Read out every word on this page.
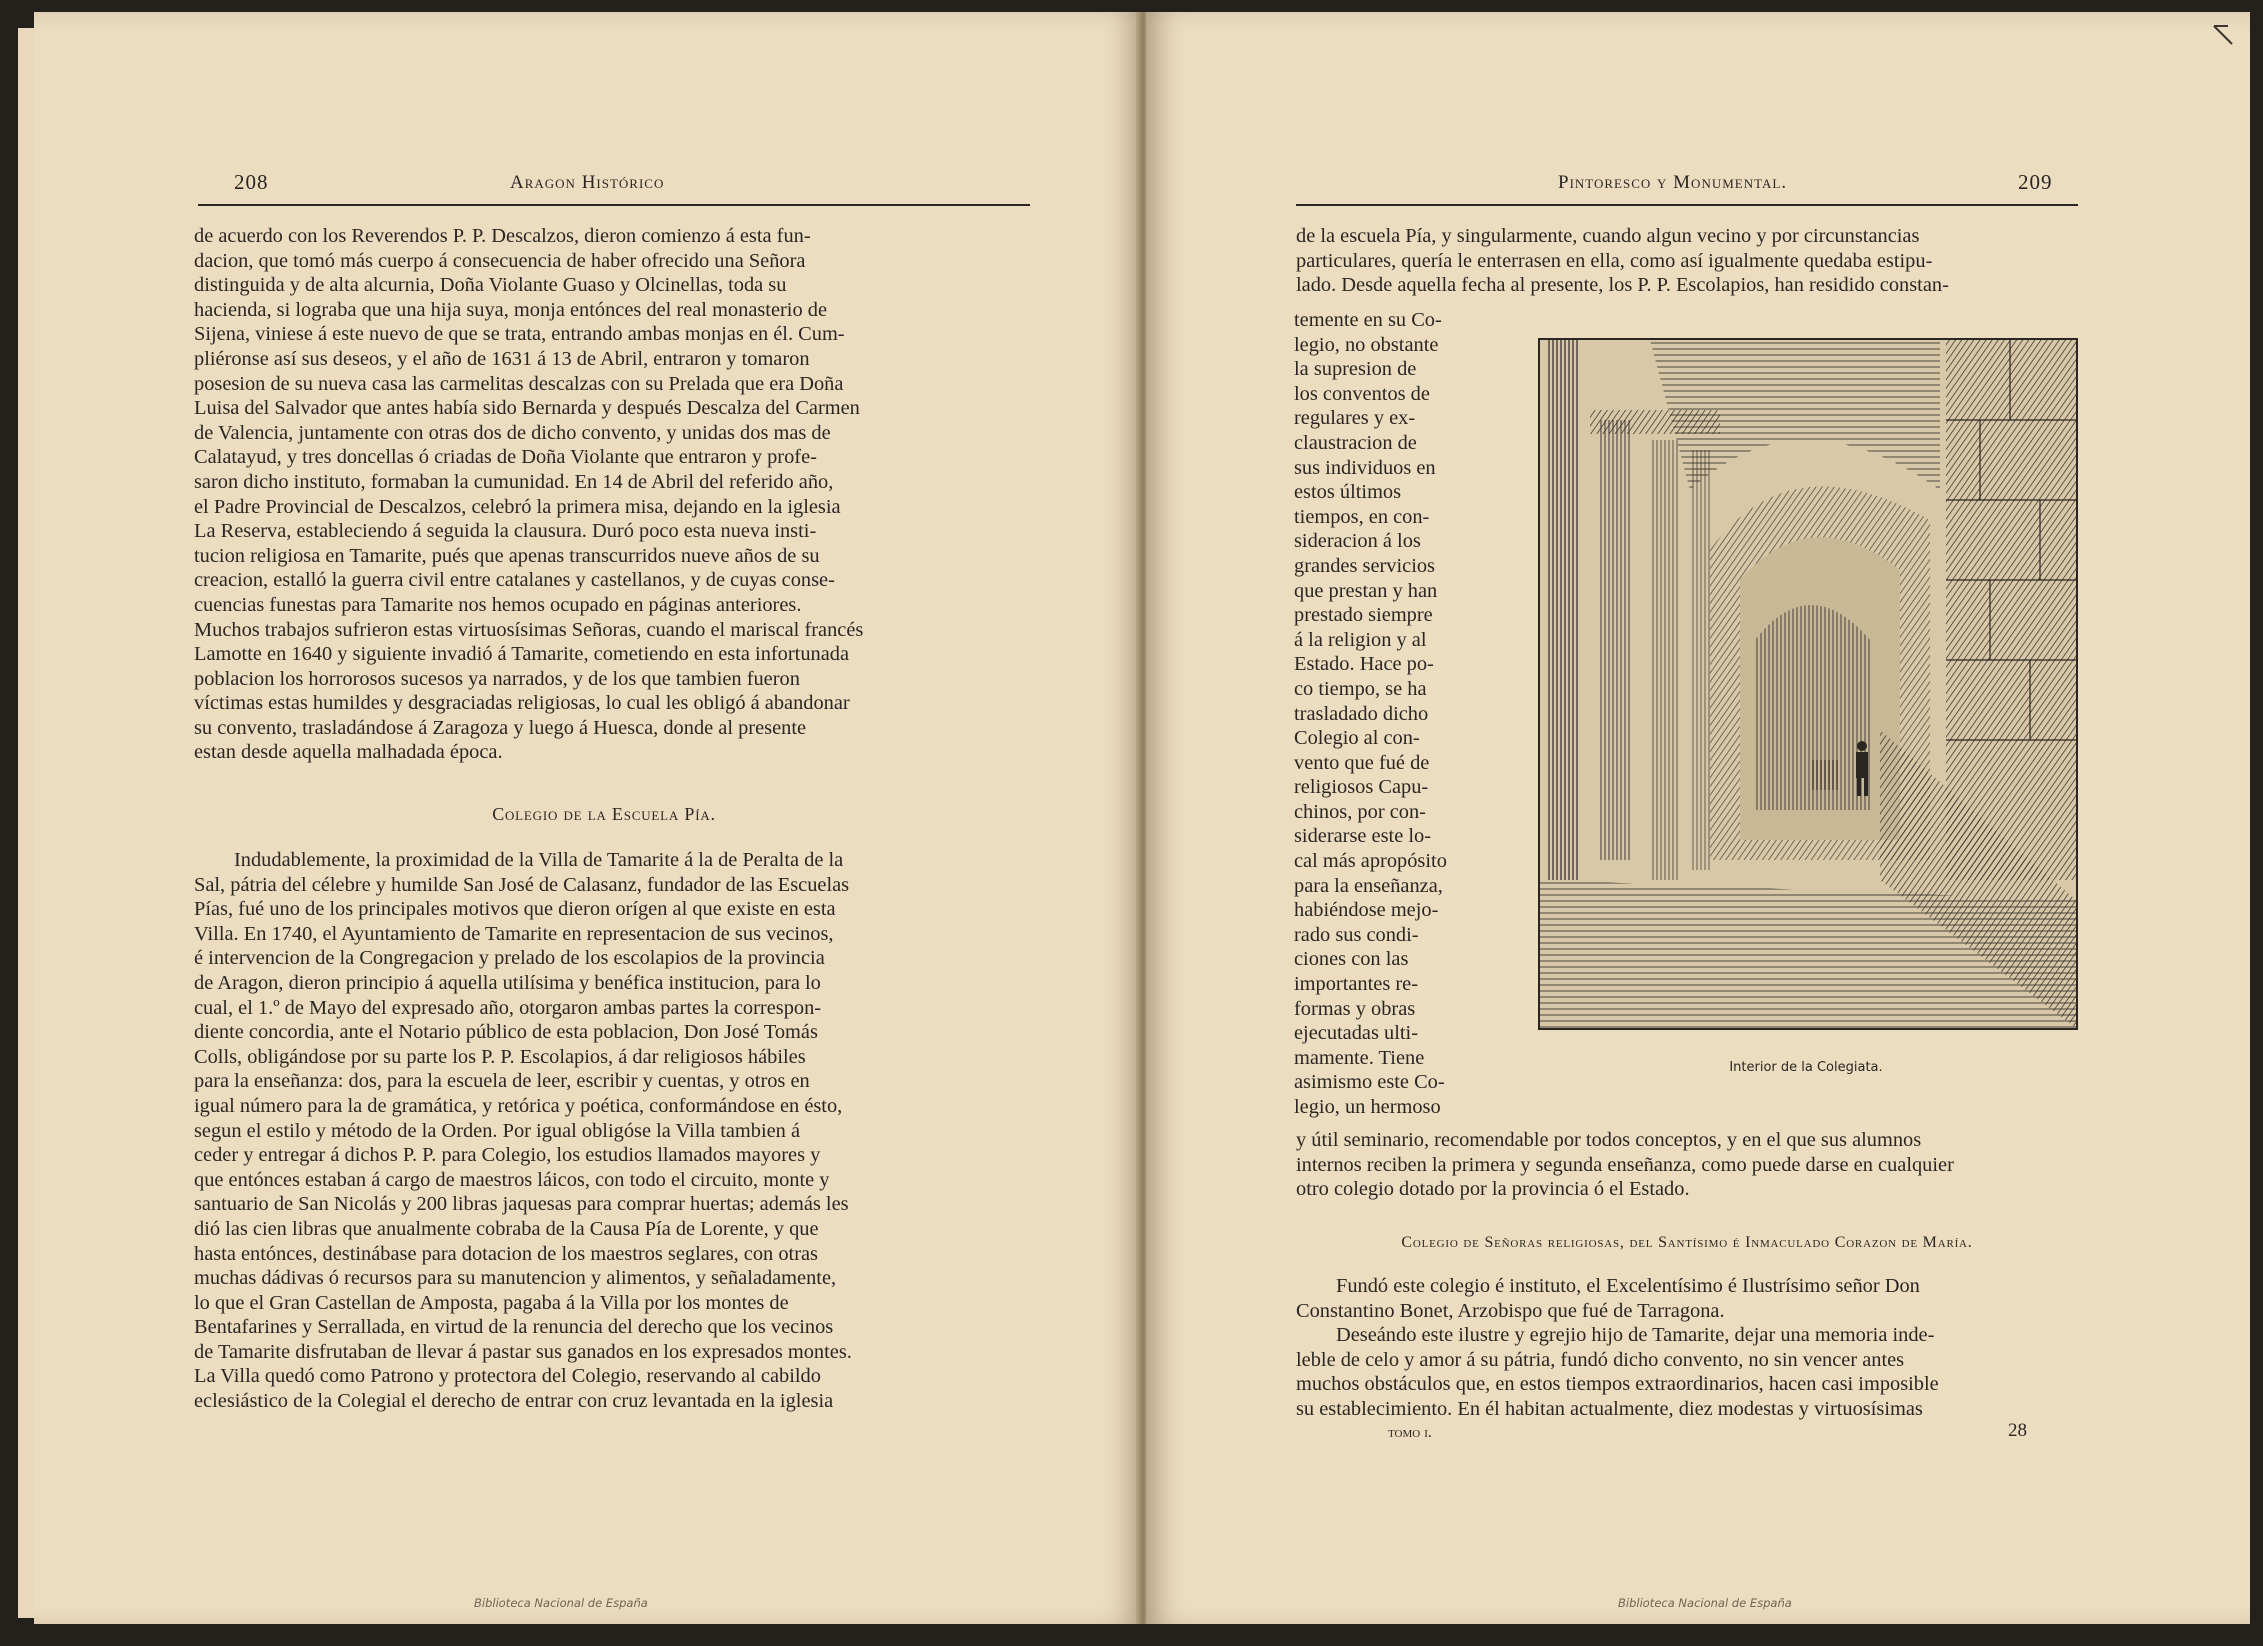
208	Aragon Histórico

de acuerdo con los Reverendos P. P. Descalzos, dieron comienzo á esta fun-

dacion, que tomó más cuerpo á consecuencia de haber ofrecido una Señora

distinguida y de alta alcurnia, Doña Violante Guaso y Olcinellas, toda su

hacienda, si lograba que una hija suya, monja entónces del real monasterio de

Sijena, viniese á este nuevo de que se trata, entrando ambas monjas en él. Cum-

pliéronse así sus deseos, y el año de 1631 á 13 de Abril, entraron y tomaron

posesion de su nueva casa las carmelitas descalzas con su Prelada que era Doña

Luisa del Salvador que antes había sido Bernarda y después Descalza del Carmen

de Valencia, juntamente con otras dos de dicho convento, y unidas dos mas de

Calatayud, y tres doncellas ó criadas de Doña Violante que entraron y profe-

saron dicho instituto, formaban la cumunidad. En 14 de Abril del referido año,

el Padre Provincial de Descalzos, celebró la primera misa, dejando en la iglesia

La Reserva, estableciendo á seguida la clausura. Duró poco esta nueva insti-

tucion religiosa en Tamarite, pués que apenas transcurridos nueve años de su

creacion, estalló la guerra civil entre catalanes y castellanos, y de cuyas conse-

cuencias funestas para Tamarite nos hemos ocupado en páginas anteriores.

Muchos trabajos sufrieron estas virtuosísimas Señoras, cuando el mariscal francés

Lamotte en 1640 y siguiente invadió á Tamarite, cometiendo en esta infortunada

poblacion los horrorosos sucesos ya narrados, y de los que tambien fueron

víctimas estas humildes y desgraciadas religiosas, lo cual les obligó á abandonar

su convento, trasladándose á Zaragoza y luego á Huesca, donde al presente

estan desde aquella malhadada época.

Colegio de la Escuela Pía.

Indudablemente, la proximidad de la Villa de Tamarite á la de Peralta de la

Sal, pátria del célebre y humilde San José de Calasanz, fundador de las Escuelas

Pías, fué uno de los principales motivos que dieron orígen al que existe en esta

Villa. En 1740, el Ayuntamiento de Tamarite en representacion de sus vecinos,

é intervencion de la Congregacion y prelado de los escolapios de la provincia

de Aragon, dieron principio á aquella utilísima y benéfica institucion, para lo

cual, el 1.º de Mayo del expresado año, otorgaron ambas partes la correspon-

diente concordia, ante el Notario público de esta poblacion, Don José Tomás

Colls, obligándose por su parte los P. P. Escolapios, á dar religiosos hábiles

para la enseñanza: dos, para la escuela de leer, escribir y cuentas, y otros en

igual número para la de gramática, y retórica y poética, conformándose en ésto,

segun el estilo y método de la Orden. Por igual obligóse la Villa tambien á

ceder y entregar á dichos P. P. para Colegio, los estudios llamados mayores y

que entónces estaban á cargo de maestros láicos, con todo el circuito, monte y

santuario de San Nicolás y 200 libras jaquesas para comprar huertas; además les

dió las cien libras que anualmente cobraba de la Causa Pía de Lorente, y que

hasta entónces, destinábase para dotacion de los maestros seglares, con otras

muchas dádivas ó recursos para su manutencion y alimentos, y señaladamente,

lo que el Gran Castellan de Amposta, pagaba á la Villa por los montes de

Bentafarines y Serrallada, en virtud de la renuncia del derecho que los vecinos

de Tamarite disfrutaban de llevar á pastar sus ganados en los expresados montes.

La Villa quedó como Patrono y protectora del Colegio, reservando al cabildo

eclesiástico de la Colegial el derecho de entrar con cruz levantada en la iglesia

Biblioteca Nacional de España
Pintoresco y Monumental.	209

de la escuela Pía, y singularmente, cuando algun vecino y por circunstancias

particulares, quería le enterrasen en ella, como así igualmente quedaba estipu-

lado. Desde aquella fecha al presente, los P. P. Escolapios, han residido constan-

temente en su Co-
legio, no obstante
la supresion de
los conventos de
regulares y ex-
claustracion de
sus individuos en
estos últimos
tiempos, en con-
sideracion á los
grandes servicios
que prestan y han
prestado siempre
á la religion y al
Estado. Hace po-
co tiempo, se ha
trasladado dicho
Colegio al con-
vento que fué de
religiosos Capu-
chinos, por con-
siderarse este lo-
cal más apropósito
para la enseñanza,
habiéndose mejo-
rado sus condi-
ciones con las
importantes re-
formas y obras
ejecutadas ulti-
mamente. Tiene
asimismo este Co-
legio, un hermoso
Interior de la Colegiata.

y útil seminario, recomendable por todos conceptos, y en el que sus alumnos

internos reciben la primera y segunda enseñanza, como puede darse en cualquier

otro colegio dotado por la provincia ó el Estado.

Colegio de Señoras religiosas, del Santísimo é Inmaculado Corazon de María.

Fundó este colegio é instituto, el Excelentísimo é Ilustrísimo señor Don

Constantino Bonet, Arzobispo que fué de Tarragona.

Deseándo este ilustre y egrejio hijo de Tamarite, dejar una memoria inde-

leble de celo y amor á su pátria, fundó dicho convento, no sin vencer antes

muchos obstáculos que, en estos tiempos extraordinarios, hacen casi imposible

su establecimiento. En él habitan actualmente, diez modestas y virtuosísimas

tomo i.	28
Biblioteca Nacional de España
